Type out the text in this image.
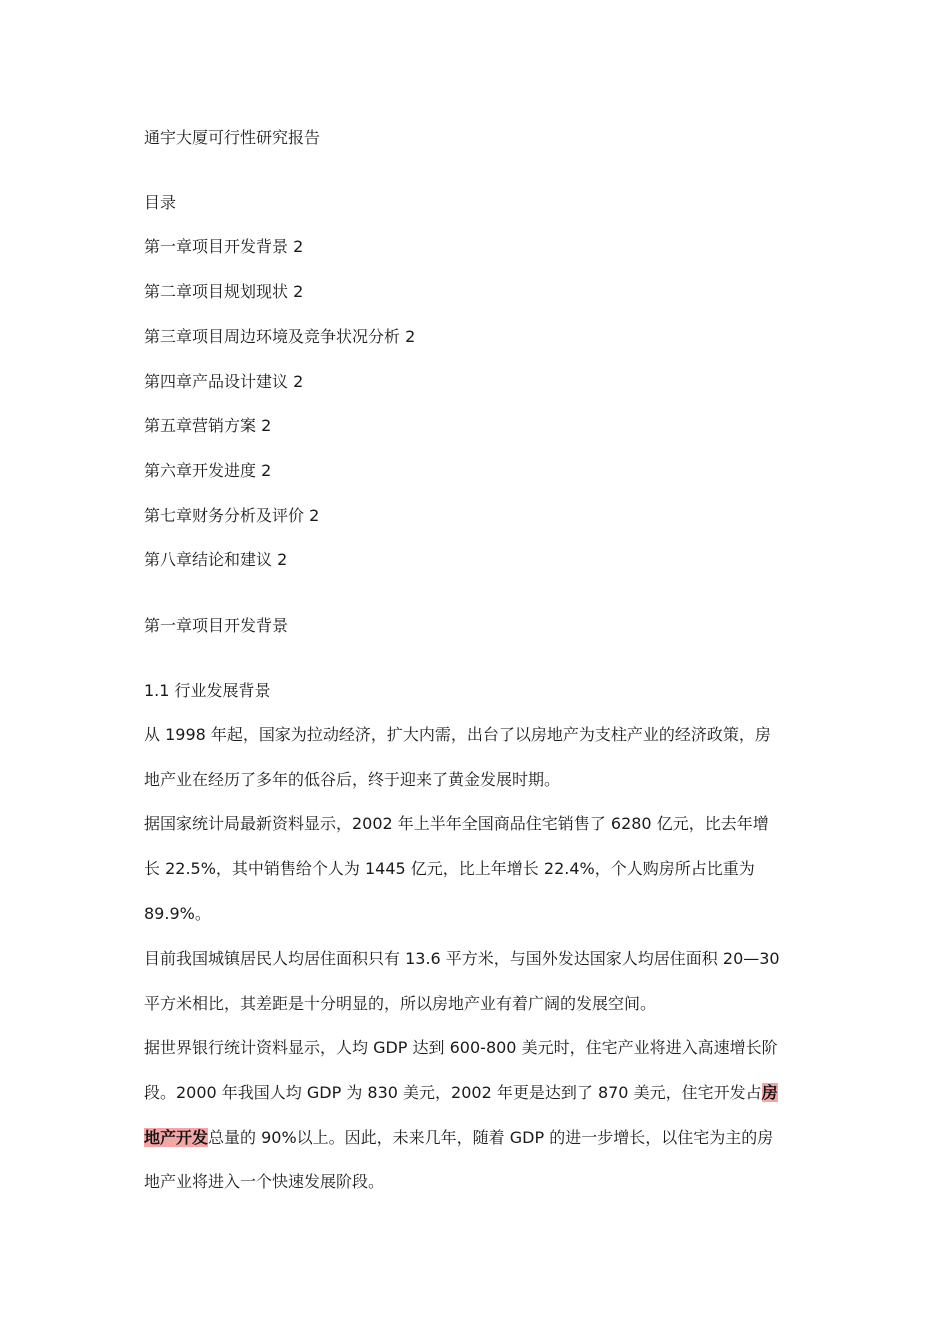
通宇大厦可行性研究报告
目录
第一章项目开发背景 2
第二章项目规划现状 2
第三章项目周边环境及竞争状况分析 2
第四章产品设计建议 2
第五章营销方案 2
第六章开发进度 2
第七章财务分析及评价 2
第八章结论和建议 2
第一章项目开发背景
1.1 行业发展背景
从 1998 年起，国家为拉动经济，扩大内需，出台了以房地产为支柱产业的经济政策，房
地产业在经历了多年的低谷后，终于迎来了黄金发展时期。
据国家统计局最新资料显示，2002 年上半年全国商品住宅销售了 6280 亿元，比去年增
长 22.5%，其中销售给个人为 1445 亿元，比上年增长 22.4%，个人购房所占比重为
89.9%。
目前我国城镇居民人均居住面积只有 13.6 平方米，与国外发达国家人均居住面积 20—30
平方米相比，其差距是十分明显的，所以房地产业有着广阔的发展空间。
据世界银行统计资料显示，人均 GDP 达到 600-800 美元时，住宅产业将进入高速增长阶
段。2000 年我国人均 GDP 为 830 美元，2002 年更是达到了 870 美元，住宅开发占房
地产开发总量的 90%以上。因此，未来几年，随着 GDP 的进一步增长，以住宅为主的房
地产业将进入一个快速发展阶段。
